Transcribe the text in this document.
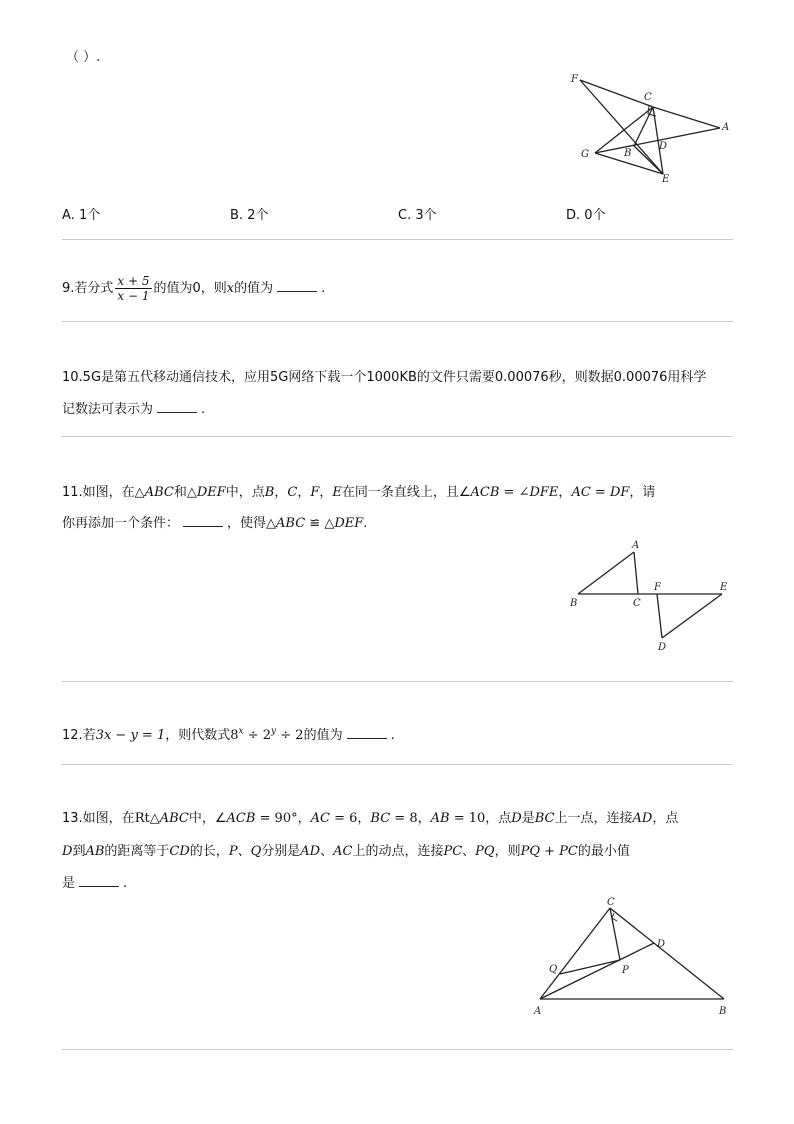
（ ）.
F
C
A
G	B
D
E
A. 1个	B. 2个	C. 3个	D. 0个
9.若分式 $\frac{x + 5}{x - 1}$ 的值为0，则x的值为	.
10.5G是第五代移动通信技术，应用5G网络下载一个1000KB的文件只需要0.00076秒，则数据0.00076用科学
记数法可表示为	.
11.如图，在△ABC和△DEF中，点B，C，F，E在同一条直线上，且∠ACB = ∠DFE，AC = DF，请
你再添加一个条件：	，使得△ABC ≌ △DEF.
A
B	C
F	E
D
12.若3x − y = 1，则代数式$8^x \div 2^y \div 2$的值为	.
13.如图，在Rt△ABC中，∠ACB = 90°，AC = 6，BC = 8，AB = 10，点D是BC上一点，连接AD，点
D到AB的距离等于CD的长，P、Q分别是AD、AC上的动点，连接PC、PQ，则PQ + PC的最小值
是	.
C
D
Q	P
A	B
